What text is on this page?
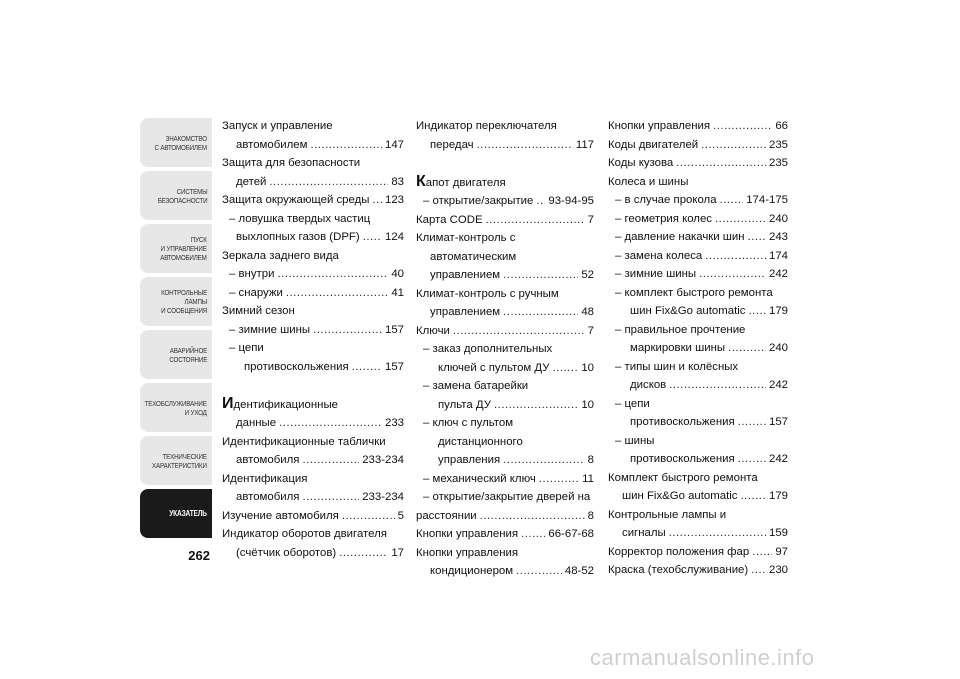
ЗНАКОМСТВО
С АВТОМОБИЛЕМ
СИСТЕМЫ
БЕЗОПАСНОСТИ
ПУСК
И УПРАВЛЕНИЕ
АВТОМОБИЛЕМ
КОНТРОЛЬНЫЕ
ЛАМПЫ
И СООБЩЕНИЯ
АВАРИЙНОЕ
СОСТОЯНИЕ
ТЕХОБСЛУЖИВАНИЕ
И УХОД
ТЕХНИЧЕСКИЕ
ХАРАКТЕРИСТИКИ
УКАЗАТЕЛЬ
262
Запуск и управление
автомобилем .....	147
Защита для безопасности
детей .....	83
Защита окружающей среды ..... 123
– ловушка твердых частиц
выхлопных газов (DPF) ..... 124
Зеркала заднего вида
– внутри .....	40
– снаружи .....	41
Зимний сезон
– зимние шины .....	157
– цепи
противоскольжения .....	157
Идентификационные
данные .....	233
Идентификационные таблички
автомобиля .....	233-234
Идентификация
автомобиля .....	233-234
Изучение автомобиля .....	5
Индикатор оборотов двигателя
(счётчик оборотов) .....	17
Индикатор переключателя
передач .....	117
Капот двигателя
– открытие/закрытие ..... 93-94-95
Карта CODE .....	7
Климат-контроль с
автоматическим
управлением .....	52
Климат-контроль с ручным
управлением .....	48
Ключи .....	7
– заказ дополнительных
ключей с пультом ДУ .....	10
– замена батарейки
пульта ДУ .....	10
– ключ с пультом
дистанционного
управления .....	8
– механический ключ .....	11
– открытие/закрытие дверей на
расстоянии .....	8
Кнопки управления .....	66-67-68
Кнопки управления
кондиционером .....	48-52
Кнопки управления .....	66
Коды двигателей .....	235
Коды кузова .....	235
Колеса и шины
– в случае прокола .....	174-175
– геометрия колес .....	240
– давление накачки шин ..... 243
– замена колеса .....	174
– зимние шины .....	242
– комплект быстрого ремонта
шин Fix&Go automatic ..... 179
– правильное прочтение
маркировки шины .....	240
– типы шин и колёсных
дисков .....	242
– цепи
противоскольжения .....	157
– шины
противоскольжения .....	242
Комплект быстрого ремонта
шин Fix&Go automatic .....	179
Контрольные лампы и
сигналы .....	159
Корректор положения фар ..... 97
Краска (техобслуживание) ..... 230
carmanualsonline.info
